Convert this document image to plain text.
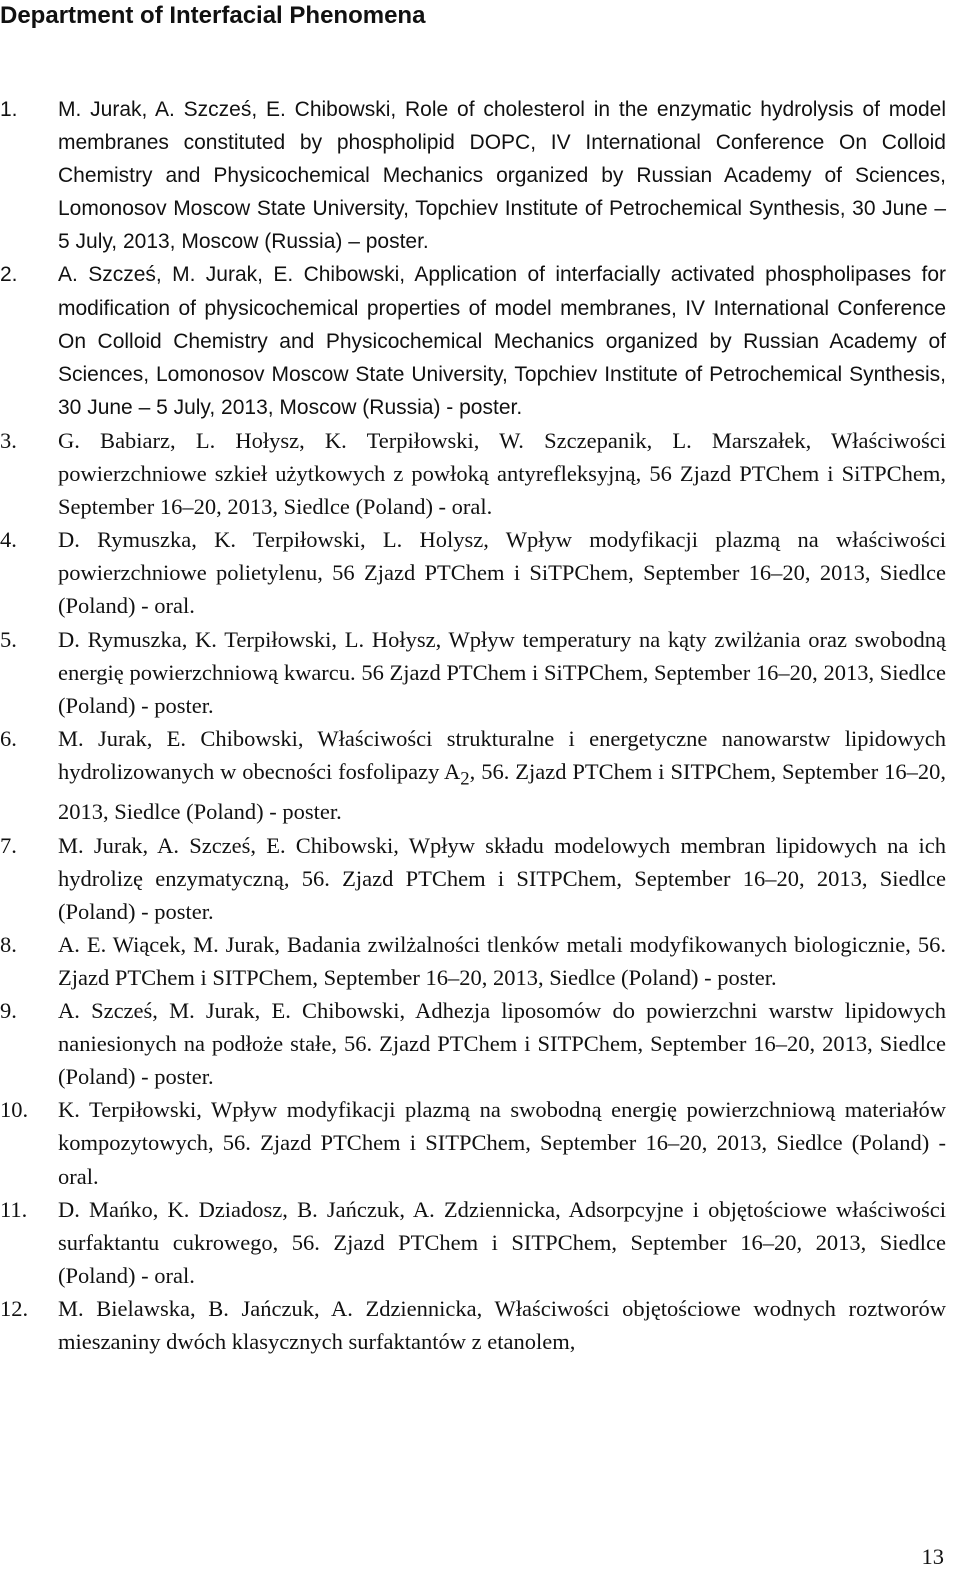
Department of Interfacial Phenomena
1.	M. Jurak, A. Szcześ, E. Chibowski, Role of cholesterol in the enzymatic hydrolysis of model membranes constituted by phospholipid DOPC, IV International Conference On Colloid Chemistry and Physicochemical Mechanics organized by Russian Academy of Sciences, Lomonosov Moscow State University, Topchiev Institute of Petrochemical Synthesis, 30 June – 5 July, 2013, Moscow (Russia) – poster.
2.	A. Szcześ, M. Jurak, E. Chibowski, Application of interfacially activated phospholipases for modification of physicochemical properties of model membranes, IV International Conference On Colloid Chemistry and Physicochemical Mechanics organized by Russian Academy of Sciences, Lomonosov Moscow State University, Topchiev Institute of Petrochemical Synthesis, 30 June – 5 July, 2013, Moscow (Russia) - poster.
3.	G. Babiarz, L. Hołysz, K. Terpiłowski, W. Szczepanik, L. Marszałek, Właściwości powierzchniowe szkieł użytkowych z powłoką antyrefleksyjną, 56 Zjazd PTChem i SiTPChem, September 16–20, 2013, Siedlce (Poland) - oral.
4.	D. Rymuszka, K. Terpiłowski, L. Holysz, Wpływ modyfikacji plazmą na właściwości powierzchniowe polietylenu, 56 Zjazd PTChem i SiTPChem, September 16–20, 2013, Siedlce (Poland) - oral.
5.	D. Rymuszka, K. Terpiłowski, L. Hołysz, Wpływ temperatury na kąty zwilżania oraz swobodną energię powierzchniową kwarcu. 56 Zjazd PTChem i SiTPChem, September 16–20, 2013, Siedlce (Poland) - poster.
6.	M. Jurak, E. Chibowski, Właściwości strukturalne i energetyczne nanowarstw lipidowych hydrolizowanych w obecności fosfolipazy $A_2$, 56. Zjazd PTChem i SITPChem, September 16–20, 2013, Siedlce (Poland) - poster.
7.	M. Jurak, A. Szcześ, E. Chibowski, Wpływ składu modelowych membran lipidowych na ich hydrolizę enzymatyczną, 56. Zjazd PTChem i SITPChem, September 16–20, 2013, Siedlce (Poland) - poster.
8.	A. E. Wiącek, M. Jurak, Badania zwilżalności tlenków metali modyfikowanych biologicznie, 56. Zjazd PTChem i SITPChem, September 16–20, 2013, Siedlce (Poland) - poster.
9.	A. Szcześ, M. Jurak, E. Chibowski, Adhezja liposomów do powierzchni warstw lipidowych naniesionych na podłoże stałe, 56. Zjazd PTChem i SITPChem, September 16–20, 2013, Siedlce (Poland) - poster.
10.	K. Terpiłowski, Wpływ modyfikacji plazmą na swobodną energię powierzchniową materiałów kompozytowych, 56. Zjazd PTChem i SITPChem, September 16–20, 2013, Siedlce (Poland) - oral.
11.	D. Mańko, K. Dziadosz, B. Jańczuk, A. Zdziennicka, Adsorpcyjne i objętościowe właściwości surfaktantu cukrowego, 56. Zjazd PTChem i SITPChem, September 16–20, 2013, Siedlce (Poland) - oral.
12.	M. Bielawska, B. Jańczuk, A. Zdziennicka, Właściwości objętościowe wodnych roztworów mieszaniny dwóch klasycznych surfaktantów z etanolem,
13
